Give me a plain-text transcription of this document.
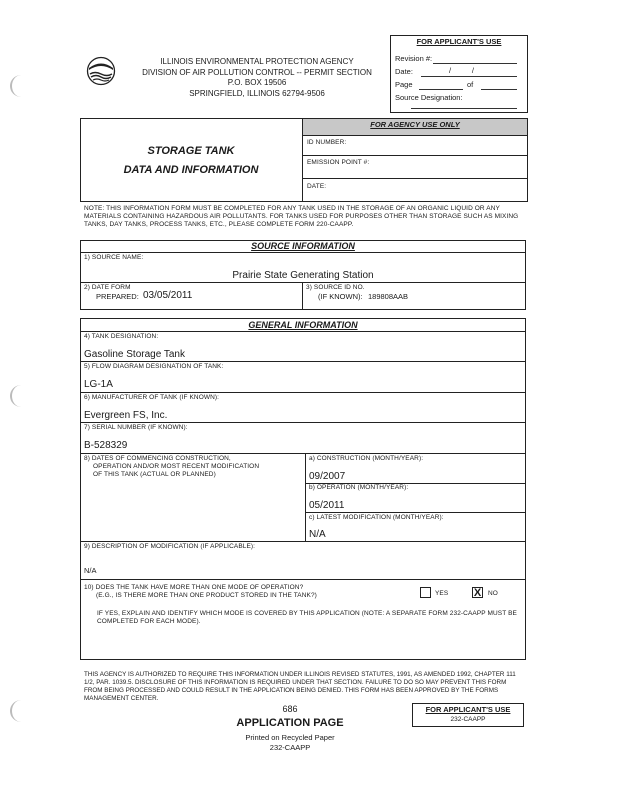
ILLINOIS ENVIRONMENTAL PROTECTION AGENCY
DIVISION OF AIR POLLUTION CONTROL -- PERMIT SECTION
P.O. BOX 19506
SPRINGFIELD, ILLINOIS 62794-9506
FOR APPLICANT'S USE
Revision #:
Date:	/          /
Page	of
Source Designation:
STORAGE TANK
DATA AND INFORMATION
FOR AGENCY USE ONLY
ID NUMBER:
EMISSION POINT #:
DATE:
NOTE: THIS INFORMATION FORM MUST BE COMPLETED FOR ANY TANK USED IN THE STORAGE OF AN ORGANIC LIQUID OR ANY MATERIALS CONTAINING HAZARDOUS AIR POLLUTANTS. FOR TANKS USED FOR PURPOSES OTHER THAN STORAGE SUCH AS MIXING TANKS, DAY TANKS, PROCESS TANKS, ETC., PLEASE COMPLETE FORM 220-CAAPP.
SOURCE INFORMATION
1) SOURCE NAME:
Prairie State Generating Station
2) DATE FORM
PREPARED: 03/05/2011
3) SOURCE ID NO.
(IF KNOWN): 189808AAB
GENERAL INFORMATION
4) TANK DESIGNATION:
Gasoline Storage Tank
5) FLOW DIAGRAM DESIGNATION OF TANK:
LG-1A
6) MANUFACTURER OF TANK (IF KNOWN):
Evergreen FS, Inc.
7) SERIAL NUMBER (IF KNOWN):
B-528329
8) DATES OF COMMENCING CONSTRUCTION,
OPERATION AND/OR MOST RECENT MODIFICATION
OF THIS TANK (ACTUAL OR PLANNED)
a) CONSTRUCTION (MONTH/YEAR):
09/2007
b) OPERATION (MONTH/YEAR):
05/2011
c) LATEST MODIFICATION (MONTH/YEAR):
N/A
9) DESCRIPTION OF MODIFICATION (IF APPLICABLE):
N/A
10) DOES THE TANK HAVE MORE THAN ONE MODE OF OPERATION?
(E.G., IS THERE MORE THAN ONE PRODUCT STORED IN THE TANK?)	YES X NO
IF YES, EXPLAIN AND IDENTIFY WHICH MODE IS COVERED BY THIS APPLICATION (NOTE: A SEPARATE FORM 232-CAAPP MUST BE COMPLETED FOR EACH MODE).
THIS AGENCY IS AUTHORIZED TO REQUIRE THIS INFORMATION UNDER ILLINOIS REVISED STATUTES, 1991, AS AMENDED 1992, CHAPTER 111 1/2, PAR. 1039.5. DISCLOSURE OF THIS INFORMATION IS REQUIRED UNDER THAT SECTION. FAILURE TO DO SO MAY PREVENT THIS FORM FROM BEING PROCESSED AND COULD RESULT IN THE APPLICATION BEING DENIED. THIS FORM HAS BEEN APPROVED BY THE FORMS MANAGEMENT CENTER.
686
APPLICATION PAGE
Printed on Recycled Paper
232-CAAPP
FOR APPLICANT'S USE
232-CAAPP
